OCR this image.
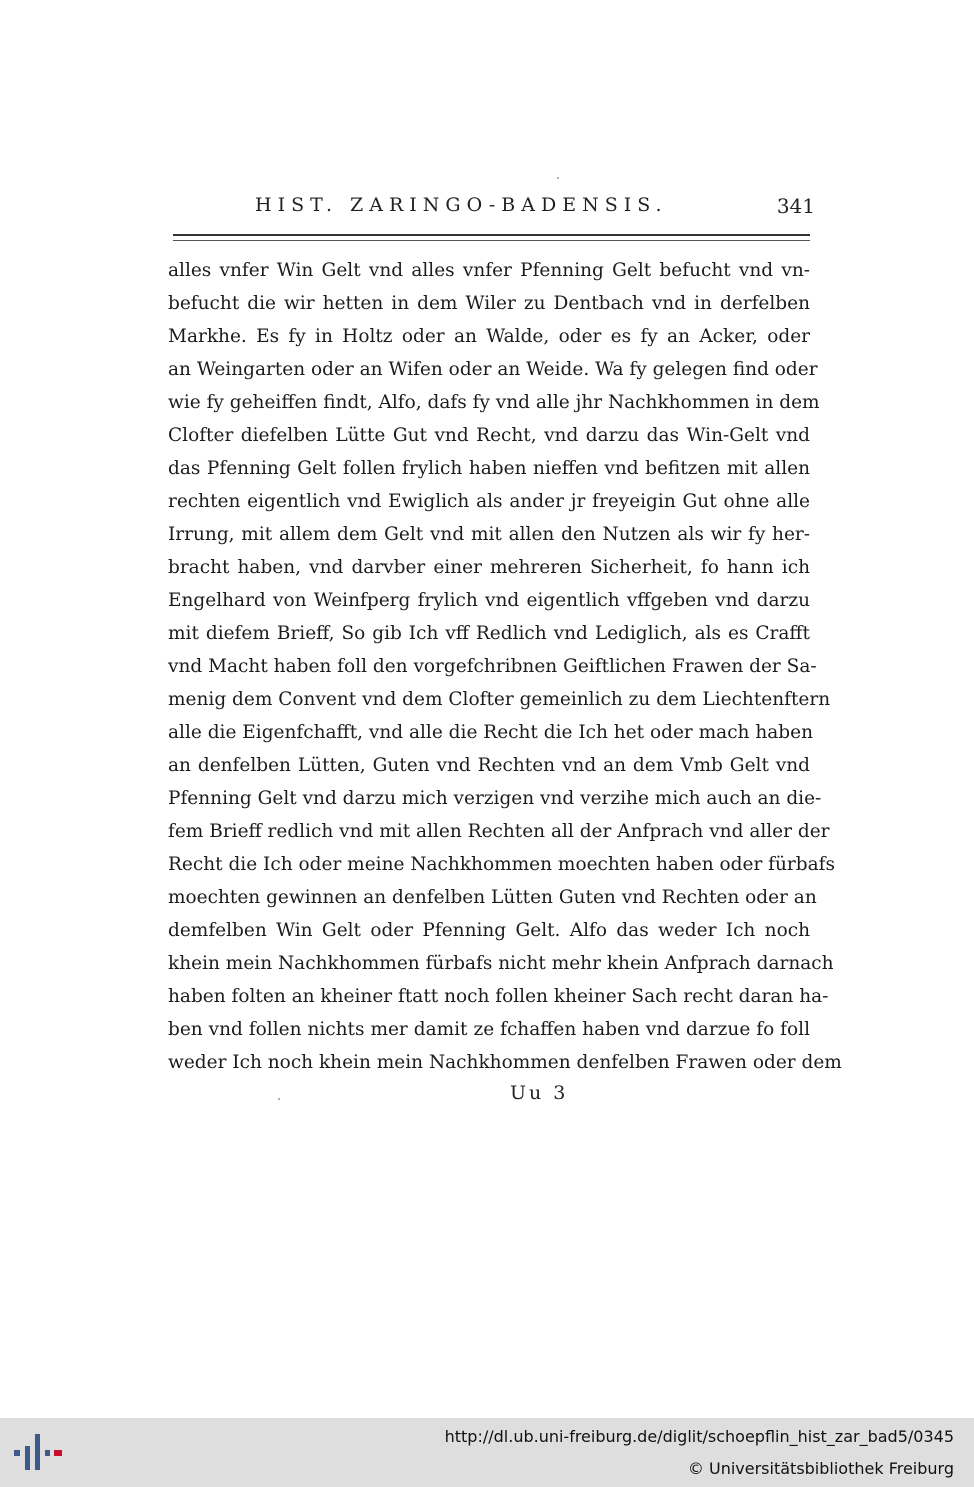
HIST. ZARINGO-BADENSIS.	341
alles vnfer Win Gelt vnd alles vnfer Pfenning Gelt befucht vnd vn-
befucht die wir hetten in dem Wiler zu Dentbach vnd in derfelben
Markhe. Es fy in Holtz oder an Walde, oder es fy an Acker, oder
an Weingarten oder an Wifen oder an Weide. Wa fy gelegen find oder
wie fy geheiffen findt, Alfo, dafs fy vnd alle jhr Nachkhommen in dem
Clofter diefelben Lütte Gut vnd Recht, vnd darzu das Win-Gelt vnd
das Pfenning Gelt follen frylich haben nieffen vnd befitzen mit allen
rechten eigentlich vnd Ewiglich als ander jr freyeigin Gut ohne alle
Irrung, mit allem dem Gelt vnd mit allen den Nutzen als wir fy her-
bracht haben, vnd darvber einer mehreren Sicherheit, fo hann ich
Engelhard von Weinfperg frylich vnd eigentlich vffgeben vnd darzu
mit diefem Brieff, So gib Ich vff Redlich vnd Lediglich, als es Crafft
vnd Macht haben foll den vorgefchribnen Geiftlichen Frawen der Sa-
menig dem Convent vnd dem Clofter gemeinlich zu dem Liechtenftern
alle die Eigenfchafft, vnd alle die Recht die Ich het oder mach haben
an denfelben Lütten, Guten vnd Rechten vnd an dem Vmb Gelt vnd
Pfenning Gelt vnd darzu mich verzigen vnd verzihe mich auch an die-
fem Brieff redlich vnd mit allen Rechten all der Anfprach vnd aller der
Recht die Ich oder meine Nachkhommen moechten haben oder fürbafs
moechten gewinnen an denfelben Lütten Guten vnd Rechten oder an
demfelben Win Gelt oder Pfenning Gelt. Alfo das weder Ich noch
khein mein Nachkhommen fürbafs nicht mehr khein Anfprach darnach
haben folten an kheiner ftatt noch follen kheiner Sach recht daran ha-
ben vnd follen nichts mer damit ze fchaffen haben vnd darzue fo foll
weder Ich noch khein mein Nachkhommen denfelben Frawen oder dem
Uu 3
http://dl.ub.uni-freiburg.de/diglit/schoepflin_hist_zar_bad5/0345
© Universitätsbibliothek Freiburg
